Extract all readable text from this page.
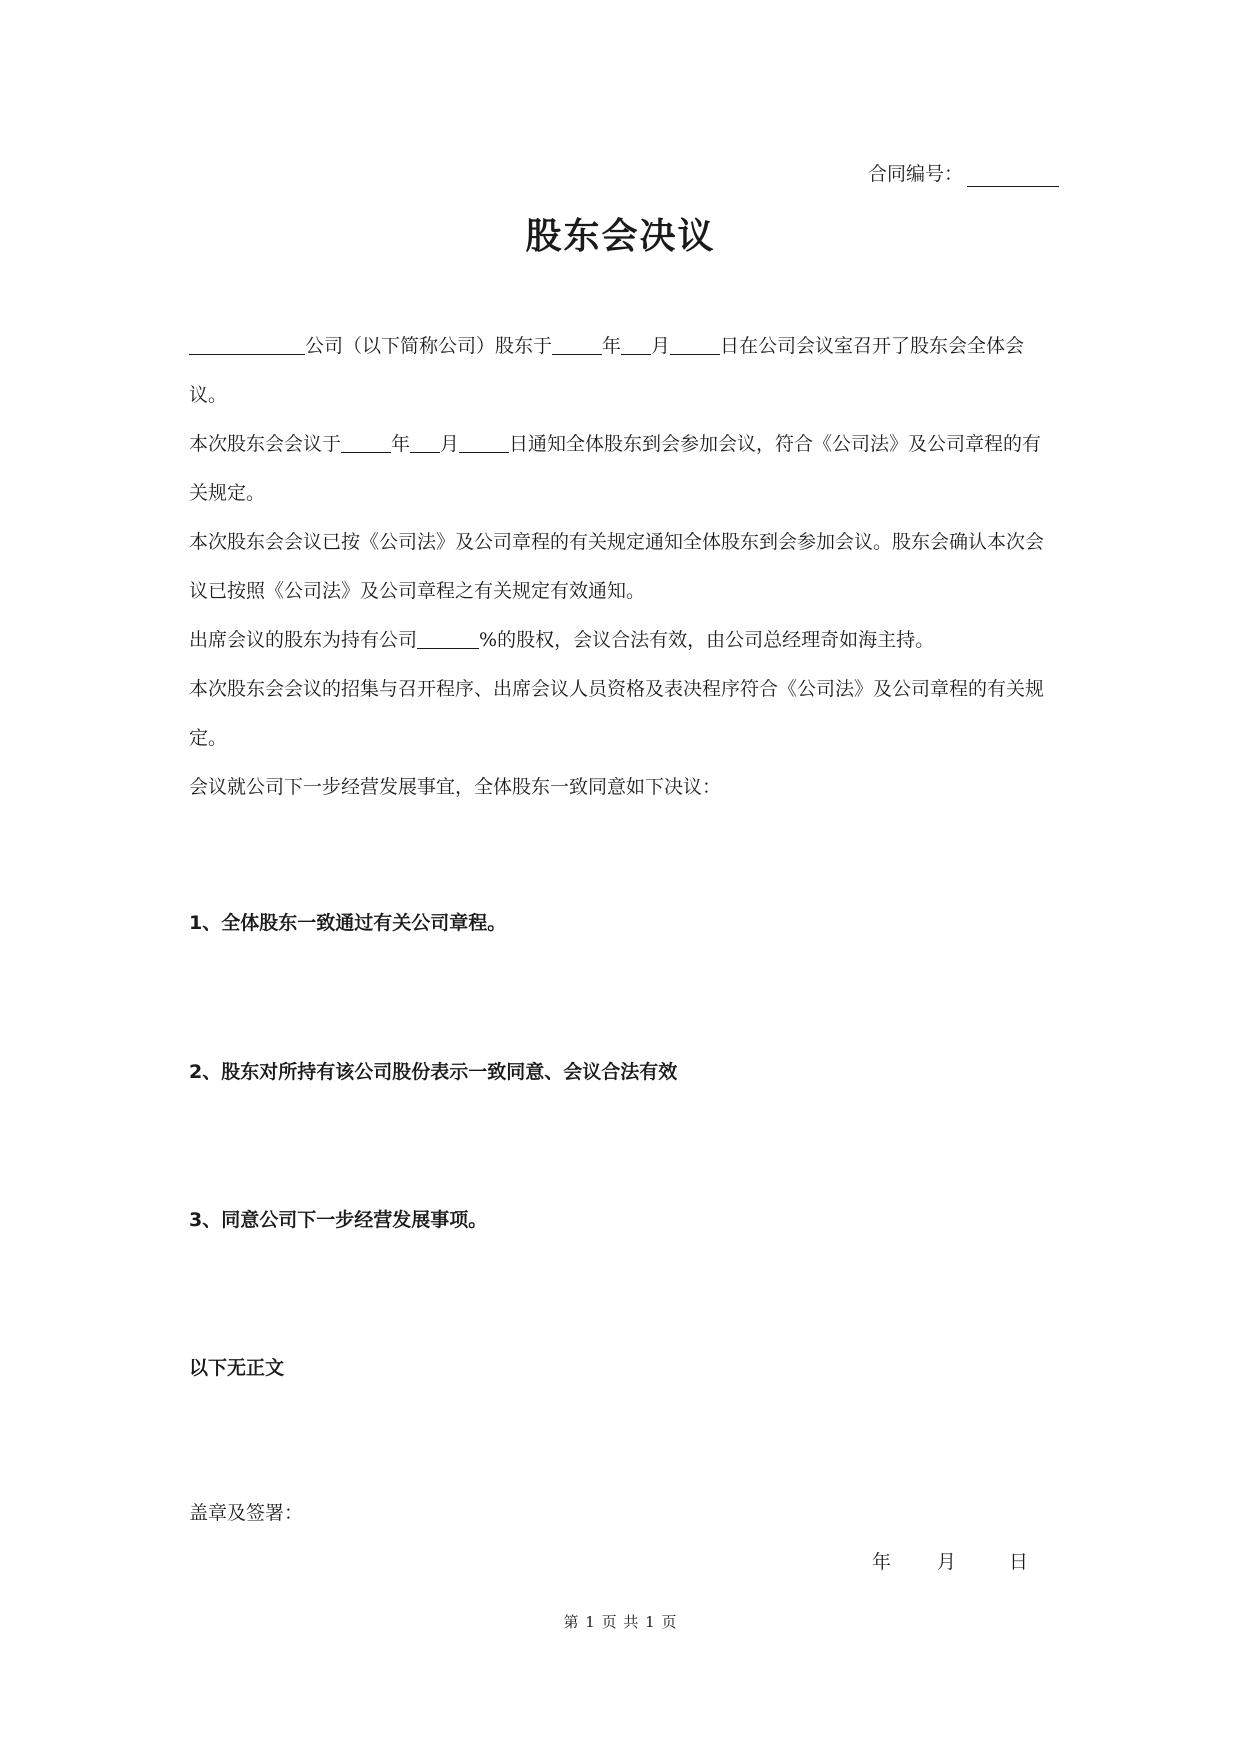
合同编号：
股东会决议

公司（以下简称公司）股东于	年 月	日在公司会议室召开了股东会全体会议。

本次股东会会议于	年 月	日通知全体股东到会参加会议，符合《公司法》及公司章程的有关规定。

本次股东会会议已按《公司法》及公司章程的有关规定通知全体股东到会参加会议。股东会确认本次会议已按照《公司法》及公司章程之有关规定有效通知。

出席会议的股东为持有公司	%的股权，会议合法有效，由公司总经理奇如海主持。

本次股东会会议的招集与召开程序、出席会议人员资格及表决程序符合《公司法》及公司章程的有关规定。

会议就公司下一步经营发展事宜，全体股东一致同意如下决议：

1、全体股东一致通过有关公司章程。
2、股东对所持有该公司股份表示一致同意、会议合法有效
3、同意公司下一步经营发展事项。
以下无正文
盖章及签署：
年	月	日
第 1 页 共 1 页
